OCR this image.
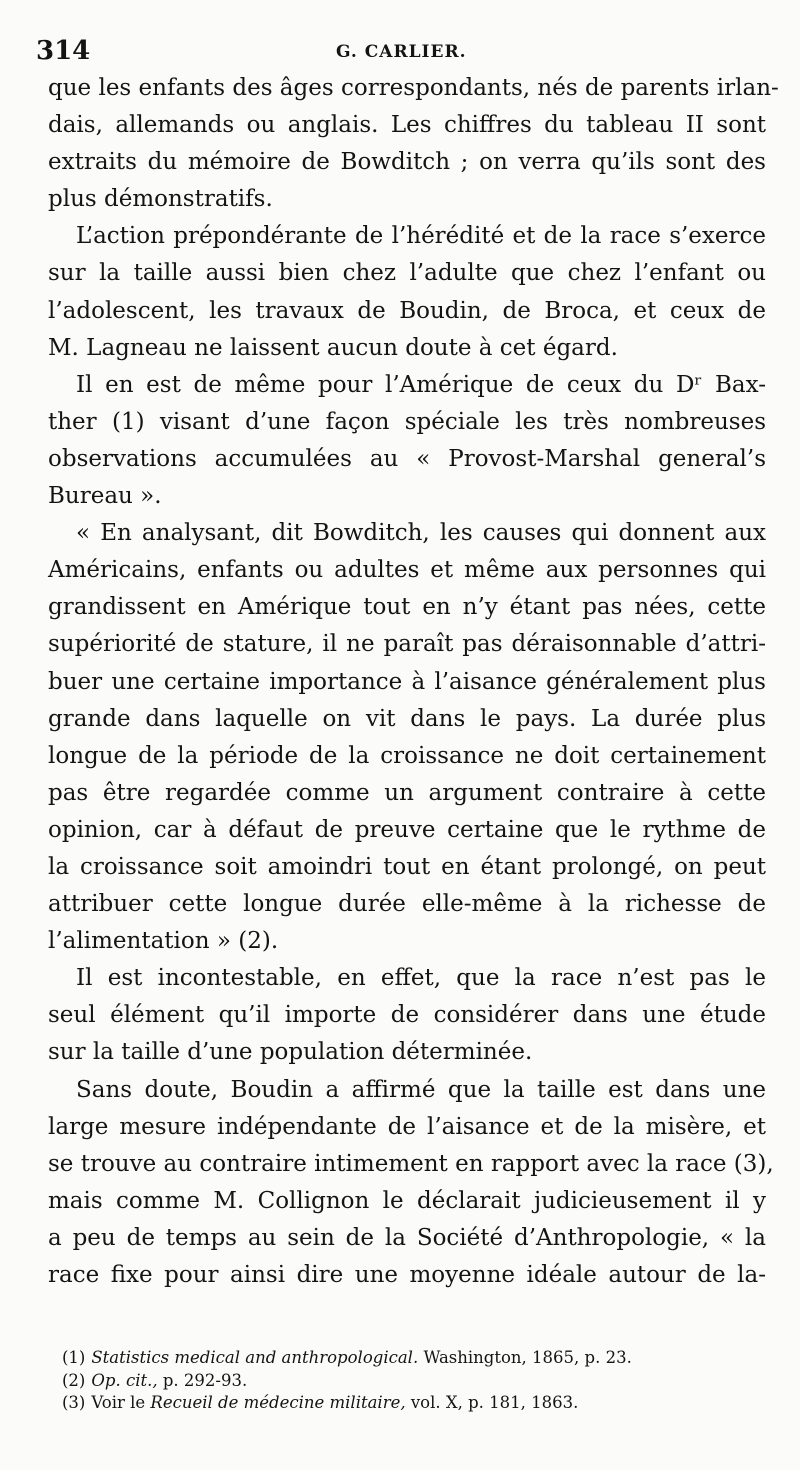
314	G. CARLIER.
que les enfants des âges correspondants, nés de parents irlan-
dais, allemands ou anglais. Les chiffres du tableau II sont
extraits du mémoire de Bowditch ; on verra qu’ils sont des
plus démonstratifs.
L’action prépondérante de l’hérédité et de la race s’exerce
sur la taille aussi bien chez l’adulte que chez l’enfant ou
l’adolescent, les travaux de Boudin, de Broca, et ceux de
M. Lagneau ne laissent aucun doute à cet égard.
Il en est de même pour l’Amérique de ceux du Dʳ Bax-
ther (1) visant d’une façon spéciale les très nombreuses
observations accumulées au « Provost-Marshal general’s
Bureau ».
« En analysant, dit Bowditch, les causes qui donnent aux
Américains, enfants ou adultes et même aux personnes qui
grandissent en Amérique tout en n’y étant pas nées, cette
supériorité de stature, il ne paraît pas déraisonnable d’attri-
buer une certaine importance à l’aisance généralement plus
grande dans laquelle on vit dans le pays. La durée plus
longue de la période de la croissance ne doit certainement
pas être regardée comme un argument contraire à cette
opinion, car à défaut de preuve certaine que le rythme de
la croissance soit amoindri tout en étant prolongé, on peut
attribuer cette longue durée elle-même à la richesse de
l’alimentation » (2).
Il est incontestable, en effet, que la race n’est pas le
seul élément qu’il importe de considérer dans une étude
sur la taille d’une population déterminée.
Sans doute, Boudin a affirmé que la taille est dans une
large mesure indépendante de l’aisance et de la misère, et
se trouve au contraire intimement en rapport avec la race (3),
mais comme M. Collignon le déclarait judicieusement il y
a peu de temps au sein de la Société d’Anthropologie, « la
race fixe pour ainsi dire une moyenne idéale autour de la-
(1) Statistics medical and anthropological. Washington, 1865, p. 23.
(2) Op. cit., p. 292-93.
(3) Voir le Recueil de médecine militaire, vol. X, p. 181, 1863.
